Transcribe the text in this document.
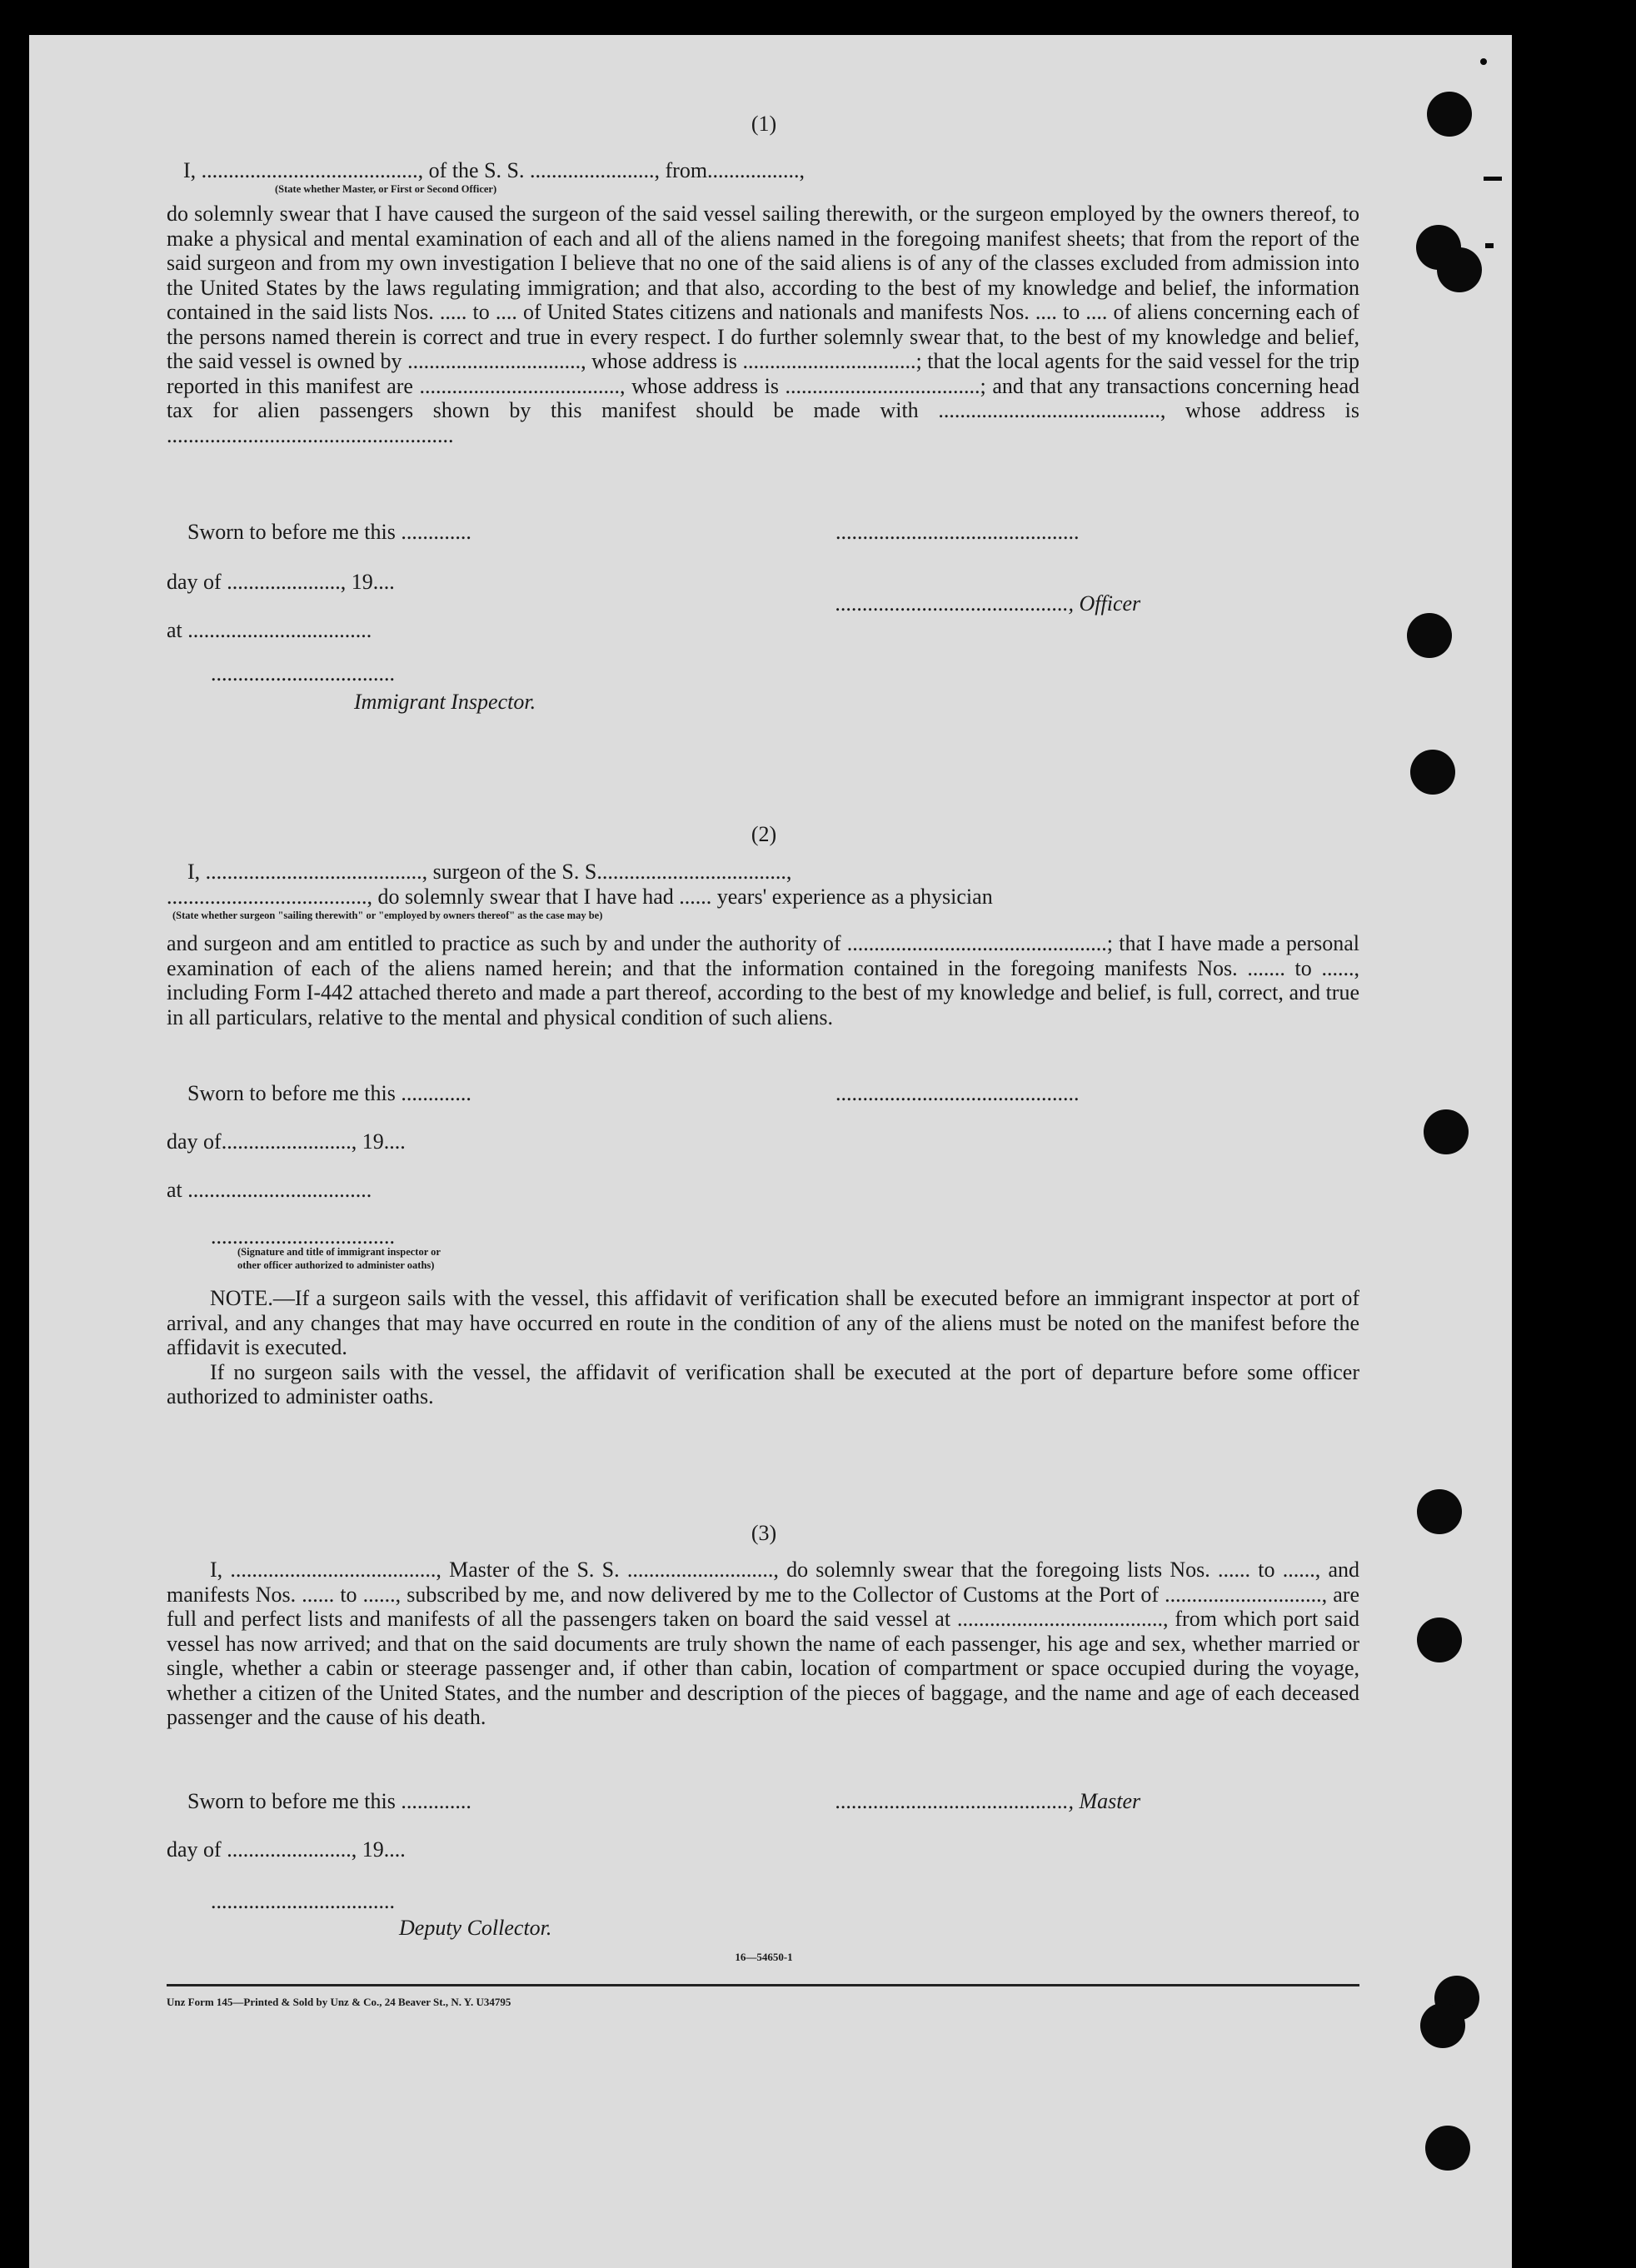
(1)
I, ........................................, of the S. S. ......................., from.................,
(State whether Master, or First or Second Officer)

do solemnly swear that I have caused the surgeon of the said vessel sailing therewith, or the surgeon employed by the owners thereof, to make a physical and mental examination of each and all of the aliens named in the foregoing manifest sheets; that from the report of the said surgeon and from my own investigation I believe that no one of the said aliens is of any of the classes excluded from admission into the United States by the laws regulating immigration; and that also, according to the best of my knowledge and belief, the information contained in the said lists Nos. ..... to .... of United States citizens and nationals and manifests Nos. .... to .... of aliens concerning each of the persons named therein is correct and true in every respect. I do further solemnly swear that, to the best of my knowledge and belief, the said vessel is owned by ................................, whose address is ................................; that the local agents for the said vessel for the trip reported in this manifest are ....................................., whose address is ....................................; and that any transactions concerning head tax for alien passengers shown by this manifest should be made with ........................................., whose address is .....................................................

Sworn to before me this .............
day of ....................., 19....
at ..................................
..................................
Immigrant Inspector.
.............................................
..........................................., Officer
(2)
I, ........................................, surgeon of the S. S...................................,
....................................., do solemnly swear that I have had ...... years' experience as a physician
(State whether surgeon "sailing therewith" or "employed by owners thereof" as the case may be)

and surgeon and am entitled to practice as such by and under the authority of ................................................; that I have made a personal examination of each of the aliens named herein; and that the information contained in the foregoing manifests Nos. ....... to ......, including Form I-442 attached thereto and made a part thereof, according to the best of my knowledge and belief, is full, correct, and true in all particulars, relative to the mental and physical condition of such aliens.

Sworn to before me this .............
day of........................, 19....
at ..................................
..................................
(Signature and title of immigrant inspector or
other officer authorized to administer oaths)
.............................................

NOTE.—If a surgeon sails with the vessel, this affidavit of verification shall be executed before an immigrant inspector at port of arrival, and any changes that may have occurred en route in the condition of any of the aliens must be noted on the manifest before the affidavit is executed.

If no surgeon sails with the vessel, the affidavit of verification shall be executed at the port of departure before some officer authorized to administer oaths.

(3)

I, ......................................, Master of the S. S. ..........................., do solemnly swear that the foregoing lists Nos. ...... to ......, and manifests Nos. ...... to ......, subscribed by me, and now delivered by me to the Collector of Customs at the Port of ............................., are full and perfect lists and manifests of all the passengers taken on board the said vessel at ......................................, from which port said vessel has now arrived; and that on the said documents are truly shown the name of each passenger, his age and sex, whether married or single, whether a cabin or steerage passenger and, if other than cabin, location of compartment or space occupied during the voyage, whether a citizen of the United States, and the number and description of the pieces of baggage, and the name and age of each deceased passenger and the cause of his death.

Sworn to before me this .............
day of ......................., 19....
..................................
Deputy Collector.
..........................................., Master
16—54650-1
Unz Form 145—Printed & Sold by Unz & Co., 24 Beaver St., N. Y. U34795
